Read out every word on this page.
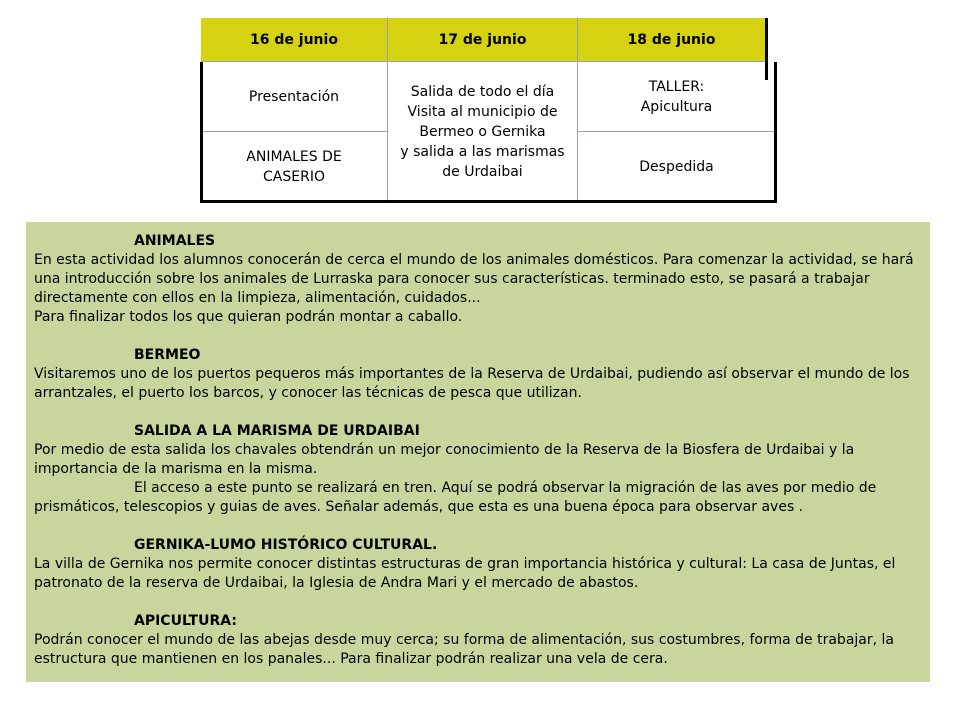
16 de junio	17 de junio	18 de junio
Presentación
ANIMALES DE CASERIO
Salida de todo el día
Visita al municipio de
Bermeo o Gernika
y salida a las marismas
de Urdaibai
TALLER:
Apicultura
Despedida

ANIMALES

En esta actividad los alumnos conocerán de cerca el mundo de los animales domésticos. Para comenzar la actividad, se hará una introducción sobre los animales de Lurraska para conocer sus características. terminado esto, se pasará a trabajar directamente con ellos en la limpieza, alimentación, cuidados...

Para finalizar todos los que quieran podrán montar a caballo.

BERMEO

Visitaremos uno de los puertos pequeros más importantes de la Reserva de Urdaibai, pudiendo así observar el mundo de los arrantzales, el puerto los barcos, y conocer las técnicas de pesca que utilizan.

SALIDA A LA MARISMA DE URDAIBAI

Por medio de esta salida los chavales obtendrán un mejor conocimiento de la Reserva de la Biosfera de Urdaibai y la importancia de la marisma en la misma.

El acceso a este punto se realizará en tren. Aquí se podrá observar la migración de las aves por medio de prismáticos, telescopios y guias de aves. Señalar además, que esta es una buena época para observar aves .

GERNIKA-LUMO HISTÓRICO CULTURAL.

La villa de Gernika nos permite conocer distintas estructuras de gran importancia histórica y cultural: La casa de Juntas, el patronato de la reserva de Urdaibai, la Iglesia de Andra Mari y el mercado de abastos.

APICULTURA:

Podrán conocer el mundo de las abejas desde muy cerca; su forma de alimentación, sus costumbres, forma de trabajar, la estructura que mantienen en los panales... Para finalizar podrán realizar una vela de cera.
